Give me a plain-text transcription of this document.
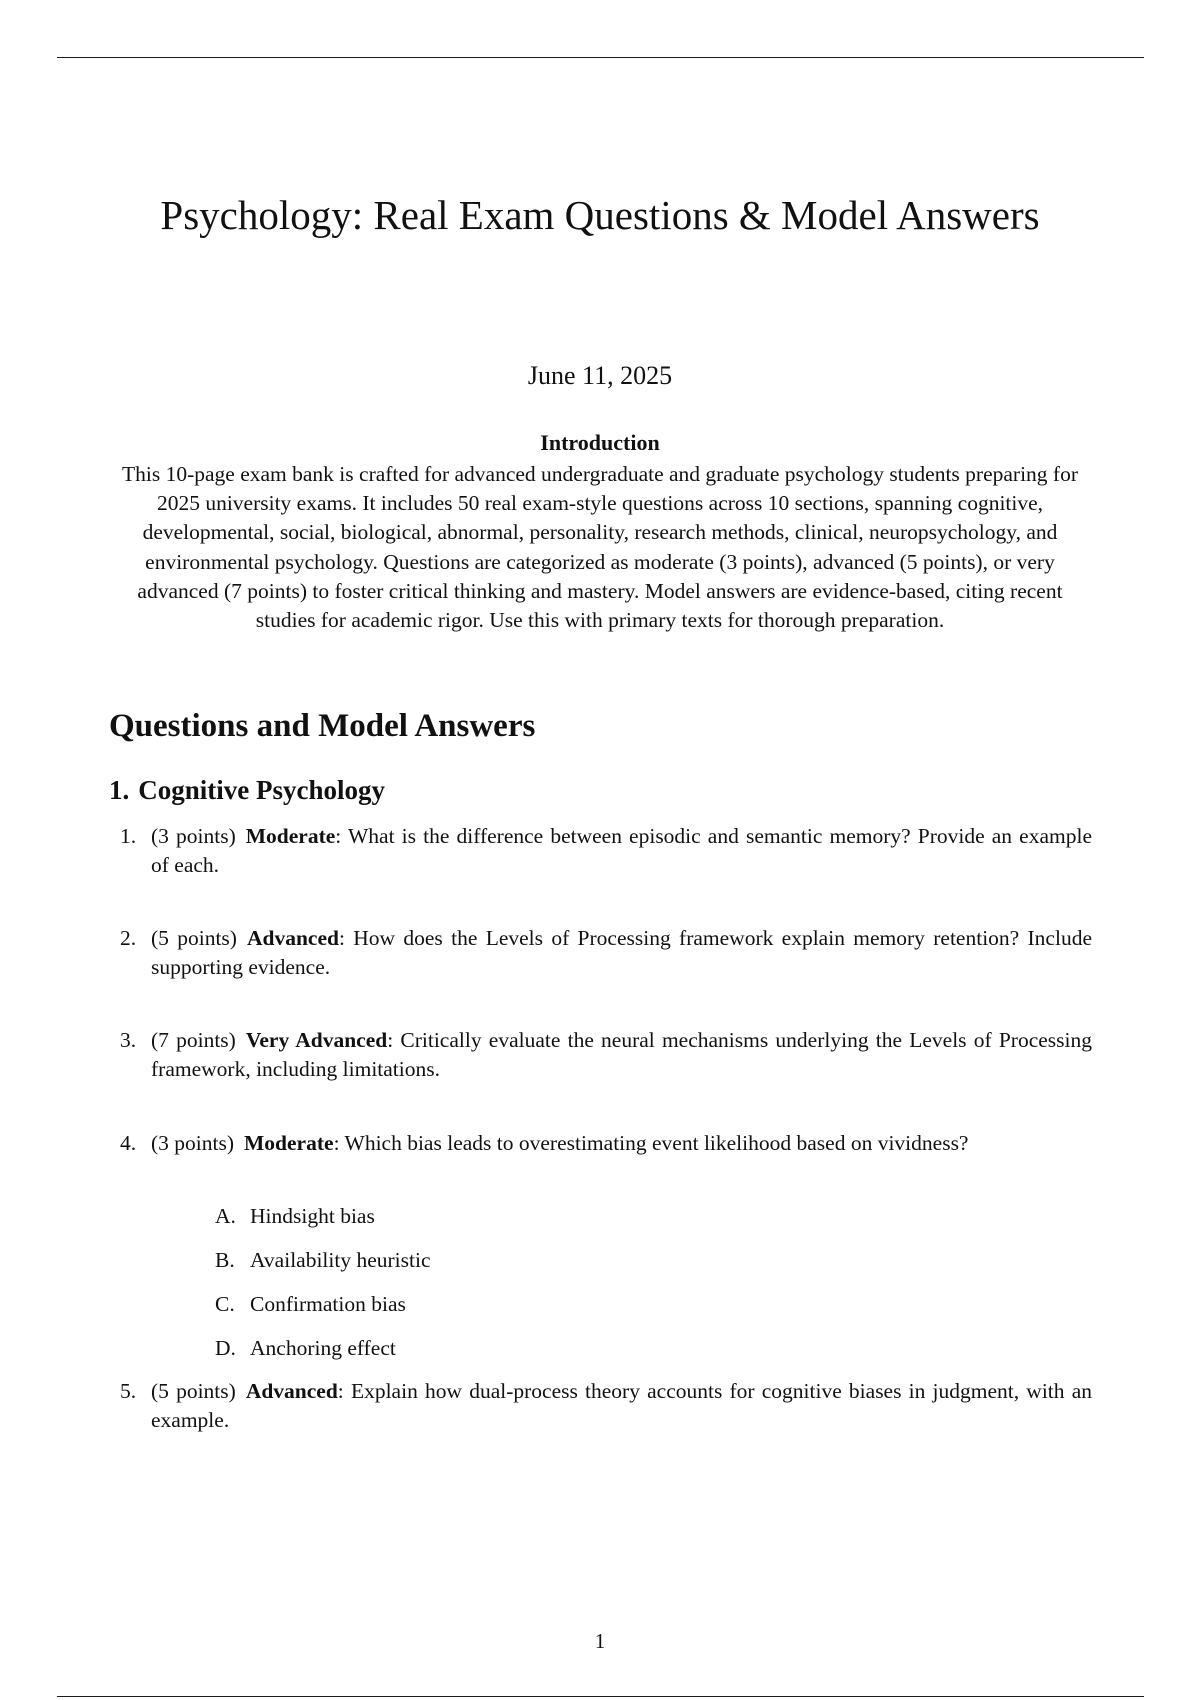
Psychology: Real Exam Questions & Model Answers
June 11, 2025
Introduction
This 10-page exam bank is crafted for advanced undergraduate and graduate psychology students preparing for 2025 university exams. It includes 50 real exam-style questions across 10 sections, spanning cognitive, developmental, social, biological, abnormal, personality, research methods, clinical, neuropsychology, and environmental psychology. Questions are categorized as moderate (3 points), advanced (5 points), or very advanced (7 points) to foster critical thinking and mastery. Model answers are evidence-based, citing recent studies for academic rigor. Use this with primary texts for thorough preparation.
Questions and Model Answers
1. Cognitive Psychology
1. (3 points) Moderate: What is the difference between episodic and semantic memory? Provide an example of each.
2. (5 points) Advanced: How does the Levels of Processing framework explain memory retention? Include supporting evidence.
3. (7 points) Very Advanced: Critically evaluate the neural mechanisms underlying the Levels of Processing framework, including limitations.
4. (3 points) Moderate: Which bias leads to overestimating event likelihood based on vividness?
A. Hindsight bias
B. Availability heuristic
C. Confirmation bias
D. Anchoring effect
5. (5 points) Advanced: Explain how dual-process theory accounts for cognitive biases in judgment, with an example.
1
